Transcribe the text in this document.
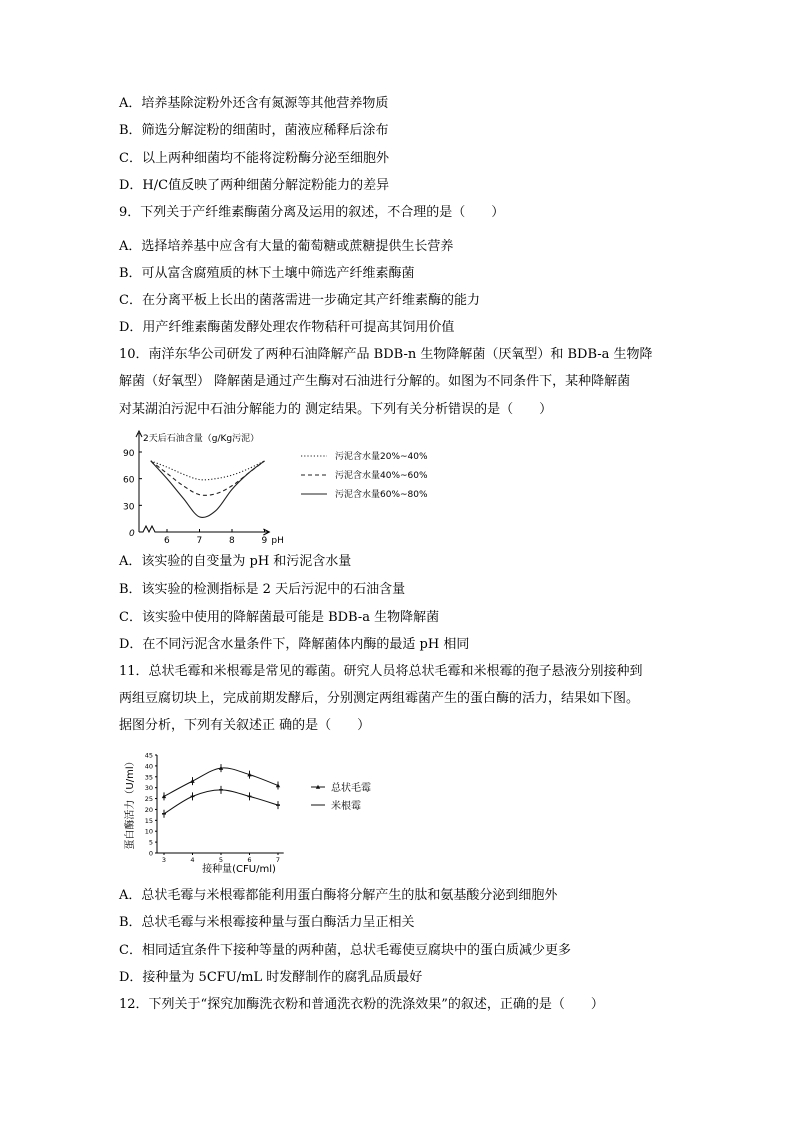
A．培养基除淀粉外还含有氮源等其他营养物质
B．筛选分解淀粉的细菌时，菌液应稀释后涂布
C．以上两种细菌均不能将淀粉酶分泌至细胞外
D．H/C值反映了两种细菌分解淀粉能力的差异
9．下列关于产纤维素酶菌分离及运用的叙述，不合理的是（　　）
A．选择培养基中应含有大量的葡萄糖或蔗糖提供生长营养
B．可从富含腐殖质的林下土壤中筛选产纤维素酶菌
C．在分离平板上长出的菌落需进一步确定其产纤维素酶的能力
D．用产纤维素酶菌发酵处理农作物秸秆可提高其饲用价值
10．南洋东华公司研发了两种石油降解产品 BDB-n 生物降解菌（厌氧型）和 BDB-a 生物降
解菌（好氧型） 降解菌是通过产生酶对石油进行分解的。如图为不同条件下，某种降解菌
对某湖泊污泥中石油分解能力的 测定结果。下列有关分析错误的是（　　）
0
30
60
90
6	7	8	9 pH
2天后石油含量（g/Kg污泥）
污泥含水量20%~40%
污泥含水量40%~60%
污泥含水量60%~80%
A．该实验的自变量为 pH 和污泥含水量
B．该实验的检测指标是 2 天后污泥中的石油含量
C．该实验中使用的降解菌最可能是 BDB-a 生物降解菌
D．在不同污泥含水量条件下，降解菌体内酶的最适 pH 相同
11．总状毛霉和米根霉是常见的霉菌。研究人员将总状毛霉和米根霉的孢子悬液分别接种到
两组豆腐切块上，完成前期发酵后，分别测定两组霉菌产生的蛋白酶的活力，结果如下图。
据图分析，下列有关叙述正 确的是（　　）
0
5
10
15
20
25
30
35
40
45
3	4	5	6	7
接种量(CFU/ml)
蛋白酶活力（U/ml）	总状毛霉
米根霉
A．总状毛霉与米根霉都能利用蛋白酶将分解产生的肽和氨基酸分泌到细胞外
B．总状毛霉与米根霉接种量与蛋白酶活力呈正相关
C．相同适宜条件下接种等量的两种菌，总状毛霉使豆腐块中的蛋白质减少更多
D．接种量为 5CFU/mL 时发酵制作的腐乳品质最好
12．下列关于“探究加酶洗衣粉和普通洗衣粉的洗涤效果”的叙述，正确的是（　　）
